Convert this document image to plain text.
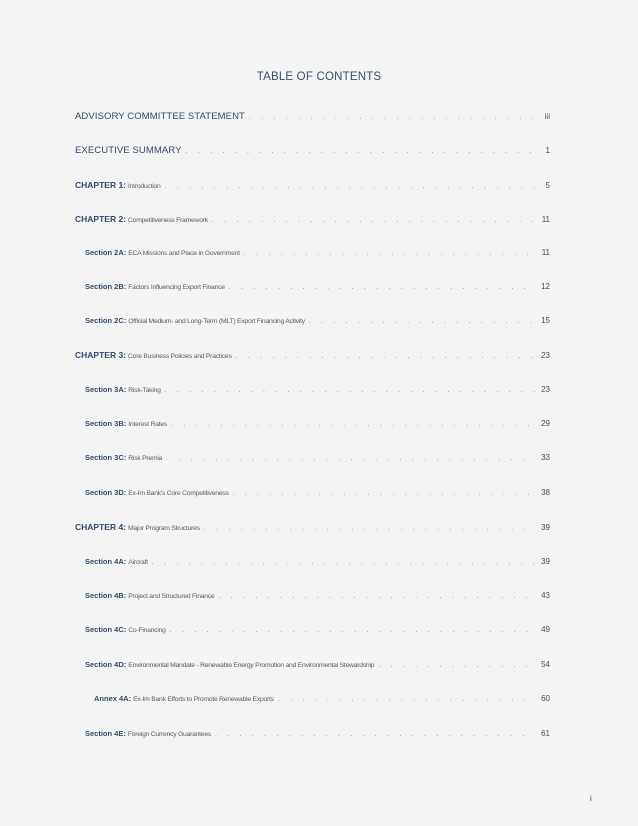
TABLE OF CONTENTS
ADVISORY COMMITTEE STATEMENT . . .	iii
EXECUTIVE SUMMARY . . .	1
CHAPTER 1: Introduction . . .	5
CHAPTER 2: Competitiveness Framework . . .	11
Section 2A: ECA Missions and Place in Government . . .	11
Section 2B: Factors Influencing Export Finance . . .	12
Section 2C: Official Medium- and Long-Term (MLT) Export Financing Activity . . .	15
CHAPTER 3: Core Business Policies and Practices . . .	23
Section 3A: Risk-Taking . . .	23
Section 3B: Interest Rates . . .	29
Section 3C: Risk Premia . . .	33
Section 3D: Ex-Im Bank's Core Competitiveness . . .	38
CHAPTER 4: Major Program Structures . . .	39
Section 4A: Aircraft . . .	39
Section 4B: Project and Structured Finance . . .	43
Section 4C: Co-Financing . . .	49
Section 4D: Environmental Mandate - Renewable Energy Promotion and Environmental Stewardship . . .	54
Annex 4A: Ex-Im Bank Efforts to Promote Renewable Exports . . .	60
Section 4E: Foreign Currency Guarantees . . .	61
i
